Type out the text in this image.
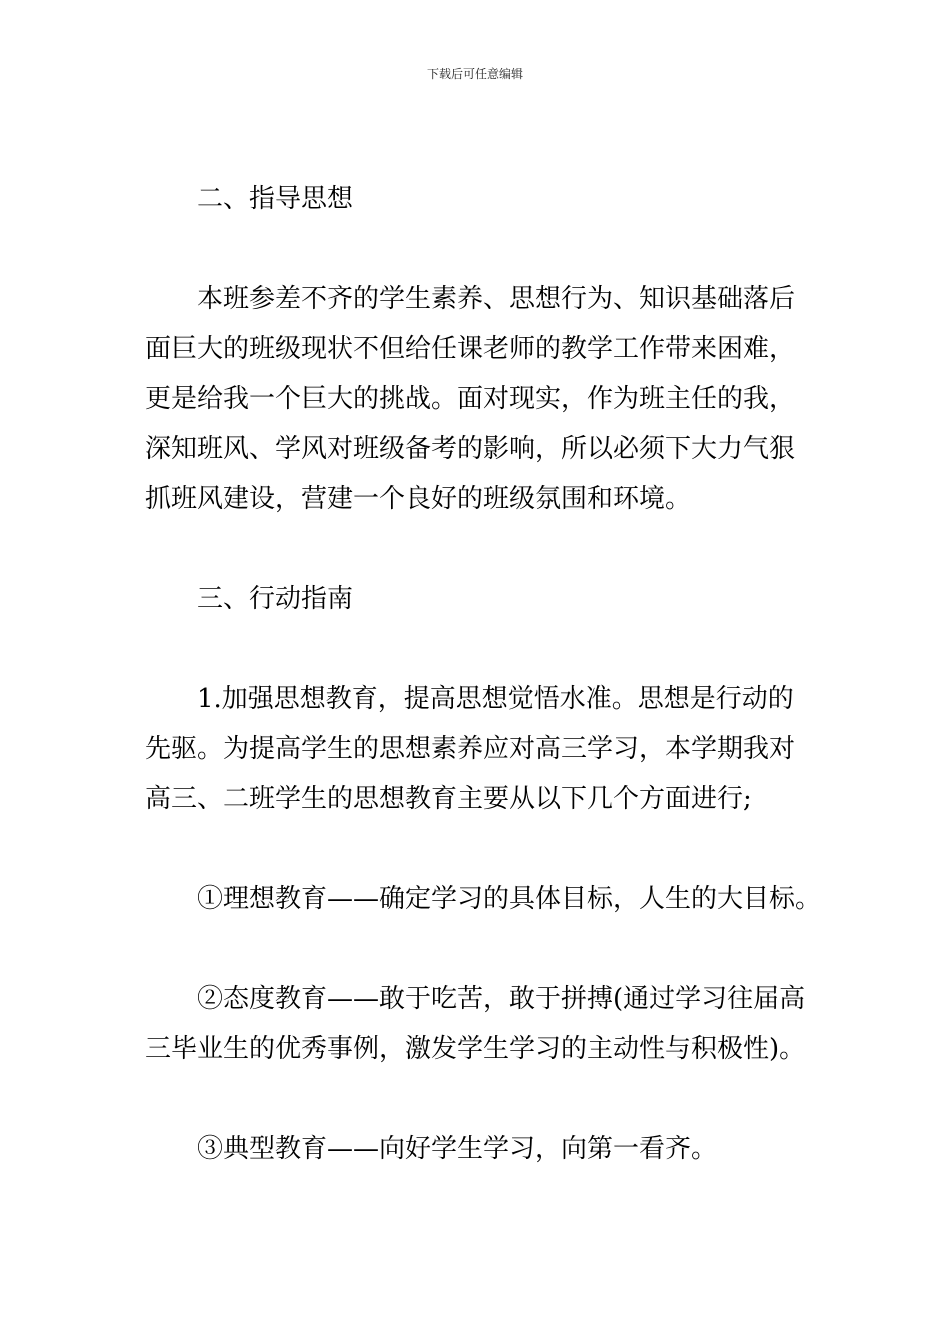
下载后可任意编辑
二、指导思想
本班参差不齐的学生素养、思想行为、知识基础落后
面巨大的班级现状不但给任课老师的教学工作带来困难，
更是给我一个巨大的挑战。面对现实，作为班主任的我，
深知班风、学风对班级备考的影响，所以必须下大力气狠
抓班风建设，营建一个良好的班级氛围和环境。
三、行动指南
1.加强思想教育，提高思想觉悟水准。思想是行动的
先驱。为提高学生的思想素养应对高三学习，本学期我对
高三、二班学生的思想教育主要从以下几个方面进行;
①理想教育——确定学习的具体目标，人生的大目标。
②态度教育——敢于吃苦，敢于拼搏(通过学习往届高
三毕业生的优秀事例，激发学生学习的主动性与积极性)。
③典型教育——向好学生学习，向第一看齐。
